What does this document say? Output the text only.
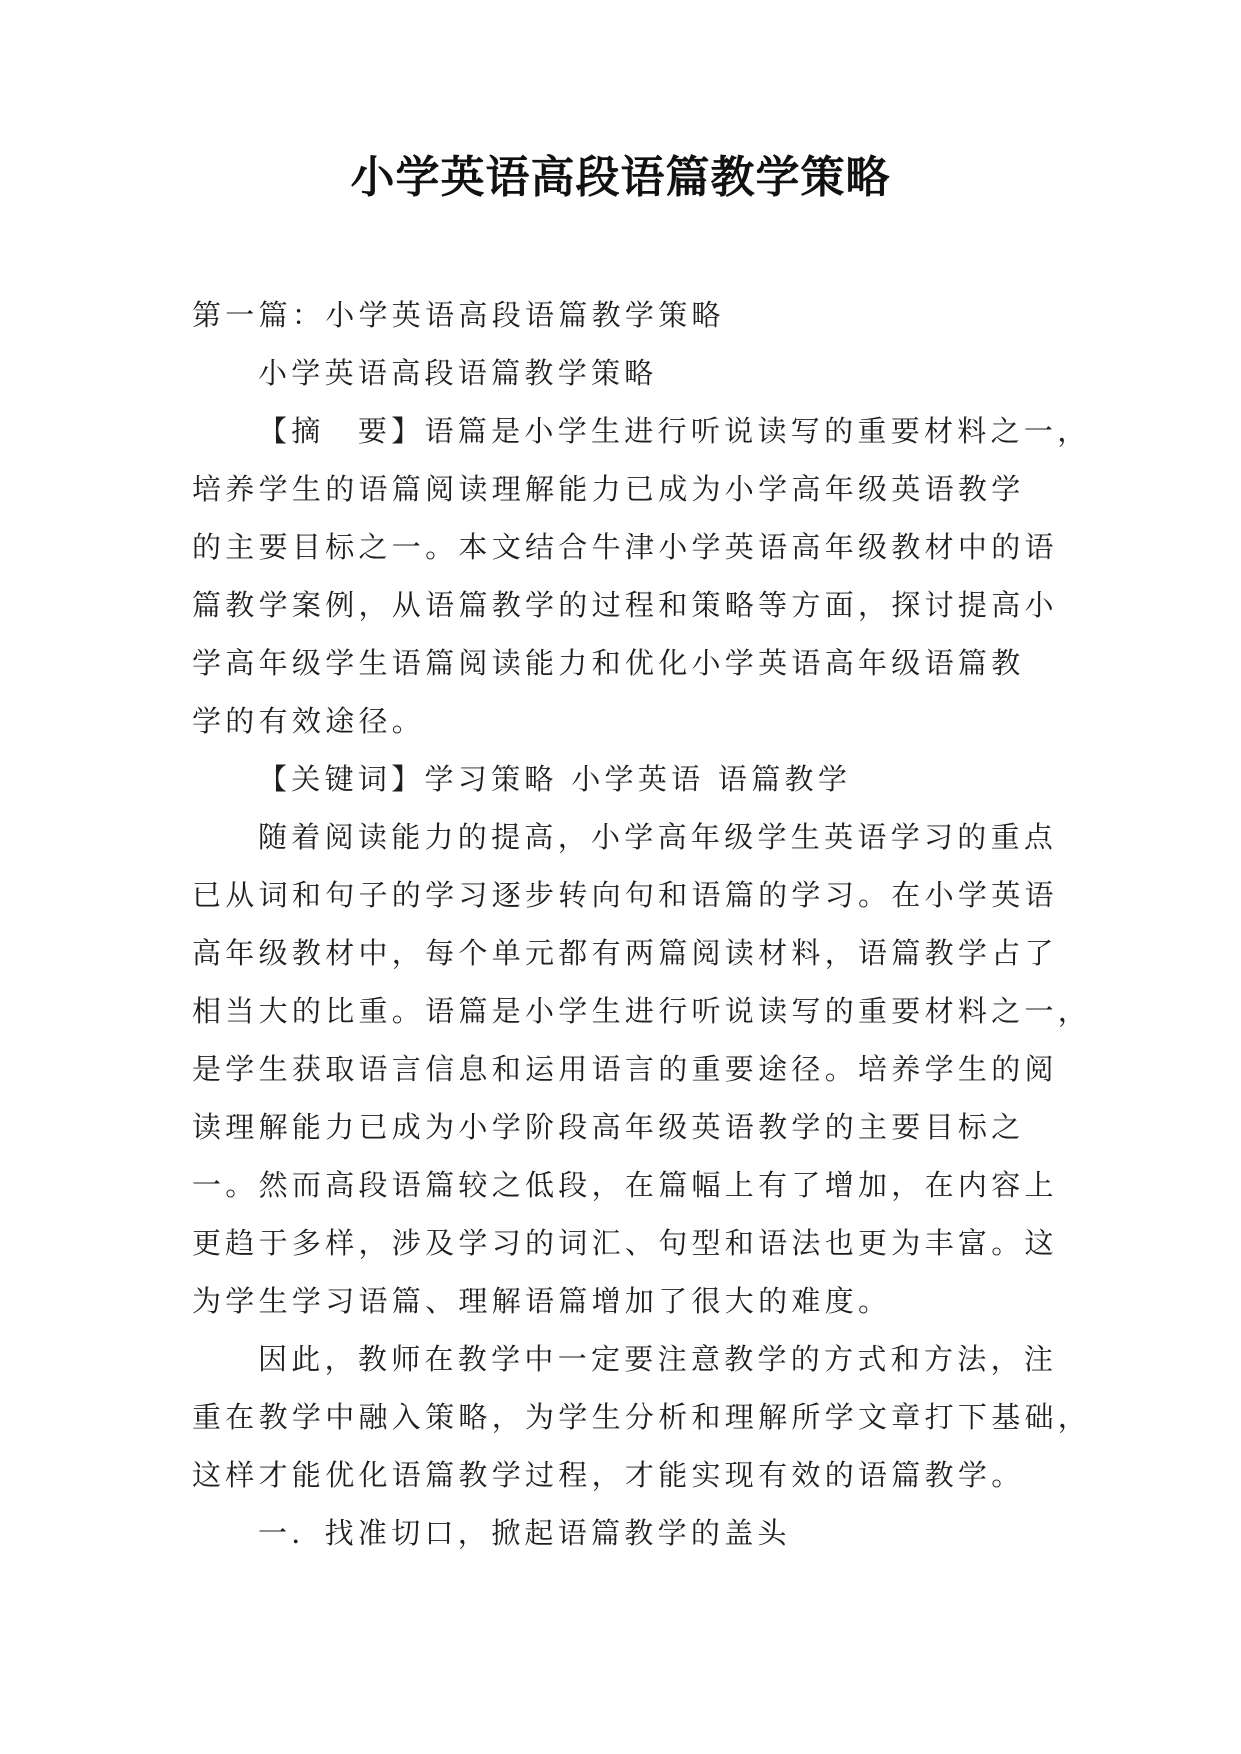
小学英语高段语篇教学策略
第一篇：小学英语高段语篇教学策略
小学英语高段语篇教学策略
【摘　要】语篇是小学生进行听说读写的重要材料之一，
培养学生的语篇阅读理解能力已成为小学高年级英语教学
的主要目标之一。本文结合牛津小学英语高年级教材中的语
篇教学案例，从语篇教学的过程和策略等方面，探讨提高小
学高年级学生语篇阅读能力和优化小学英语高年级语篇教
学的有效途径。
【关键词】学习策略 小学英语 语篇教学
随着阅读能力的提高，小学高年级学生英语学习的重点
已从词和句子的学习逐步转向句和语篇的学习。在小学英语
高年级教材中，每个单元都有两篇阅读材料，语篇教学占了
相当大的比重。语篇是小学生进行听说读写的重要材料之一，
是学生获取语言信息和运用语言的重要途径。培养学生的阅
读理解能力已成为小学阶段高年级英语教学的主要目标之
一。然而高段语篇较之低段，在篇幅上有了增加，在内容上
更趋于多样，涉及学习的词汇、句型和语法也更为丰富。这
为学生学习语篇、理解语篇增加了很大的难度。
因此，教师在教学中一定要注意教学的方式和方法，注
重在教学中融入策略，为学生分析和理解所学文章打下基础，
这样才能优化语篇教学过程，才能实现有效的语篇教学。
一．找准切口，掀起语篇教学的盖头
